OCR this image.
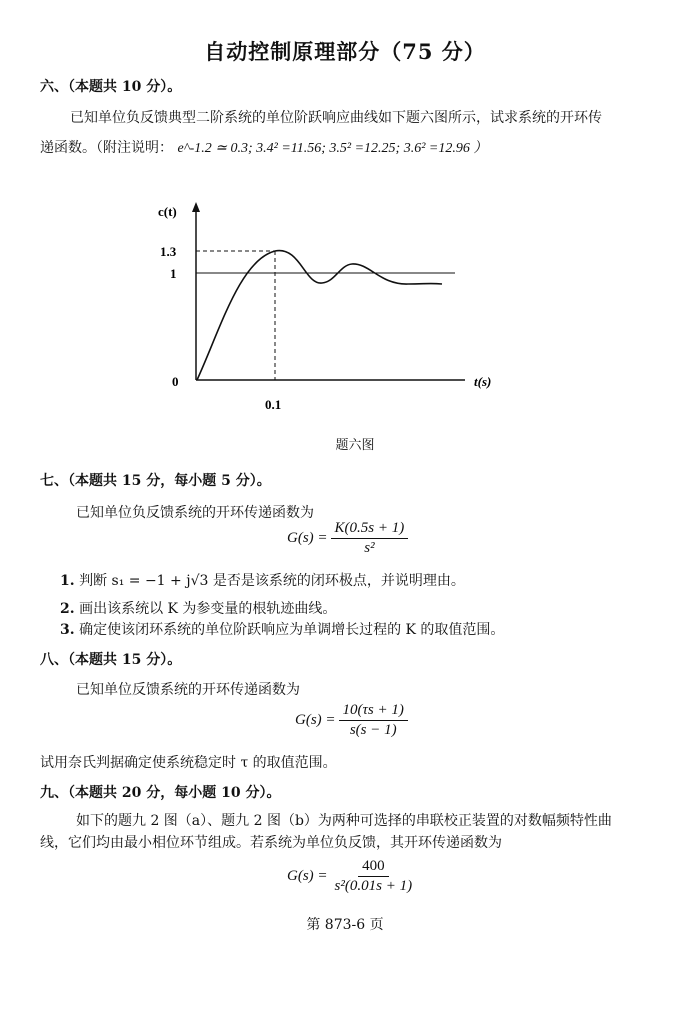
自动控制原理部分（75 分）
六、（本题共 10 分）。
已知单位负反馈典型二阶系统的单位阶跃响应曲线如下题六图所示，试求系统的开环传
递函数。（附注说明： e^-1.2 ≃ 0.3; 3.4² =11.56; 3.5² =12.25; 3.6² =12.96 ）
c(t)
1.3
1
0
0.1
t(s)
题六图
七、（本题共 15 分，每小题 5 分）。
已知单位负反馈系统的开环传递函数为
$G(s) = \frac{K(0.5s + 1)}{\text{s²}}$
1. 判断 s₁ = −1 + j√3 是否是该系统的闭环极点，并说明理由。
2. 画出该系统以 K 为参变量的根轨迹曲线。
3. 确定使该闭环系统的单位阶跃响应为单调增长过程的 K 的取值范围。
八、（本题共 15 分）。
已知单位反馈系统的开环传递函数为
$G(s) = \frac{10(\tau s + 1)}{s(s - 1)}$
试用奈氏判据确定使系统稳定时 τ 的取值范围。
九、（本题共 20 分，每小题 10 分）。
如下的题九 2 图（a）、题九 2 图（b）为两种可选择的串联校正装置的对数幅频特性曲
线，它们均由最小相位环节组成。若系统为单位负反馈，其开环传递函数为
$G(s) = \frac{400}{\text{s²(0.01s + 1)}}$
第 873-6 页
